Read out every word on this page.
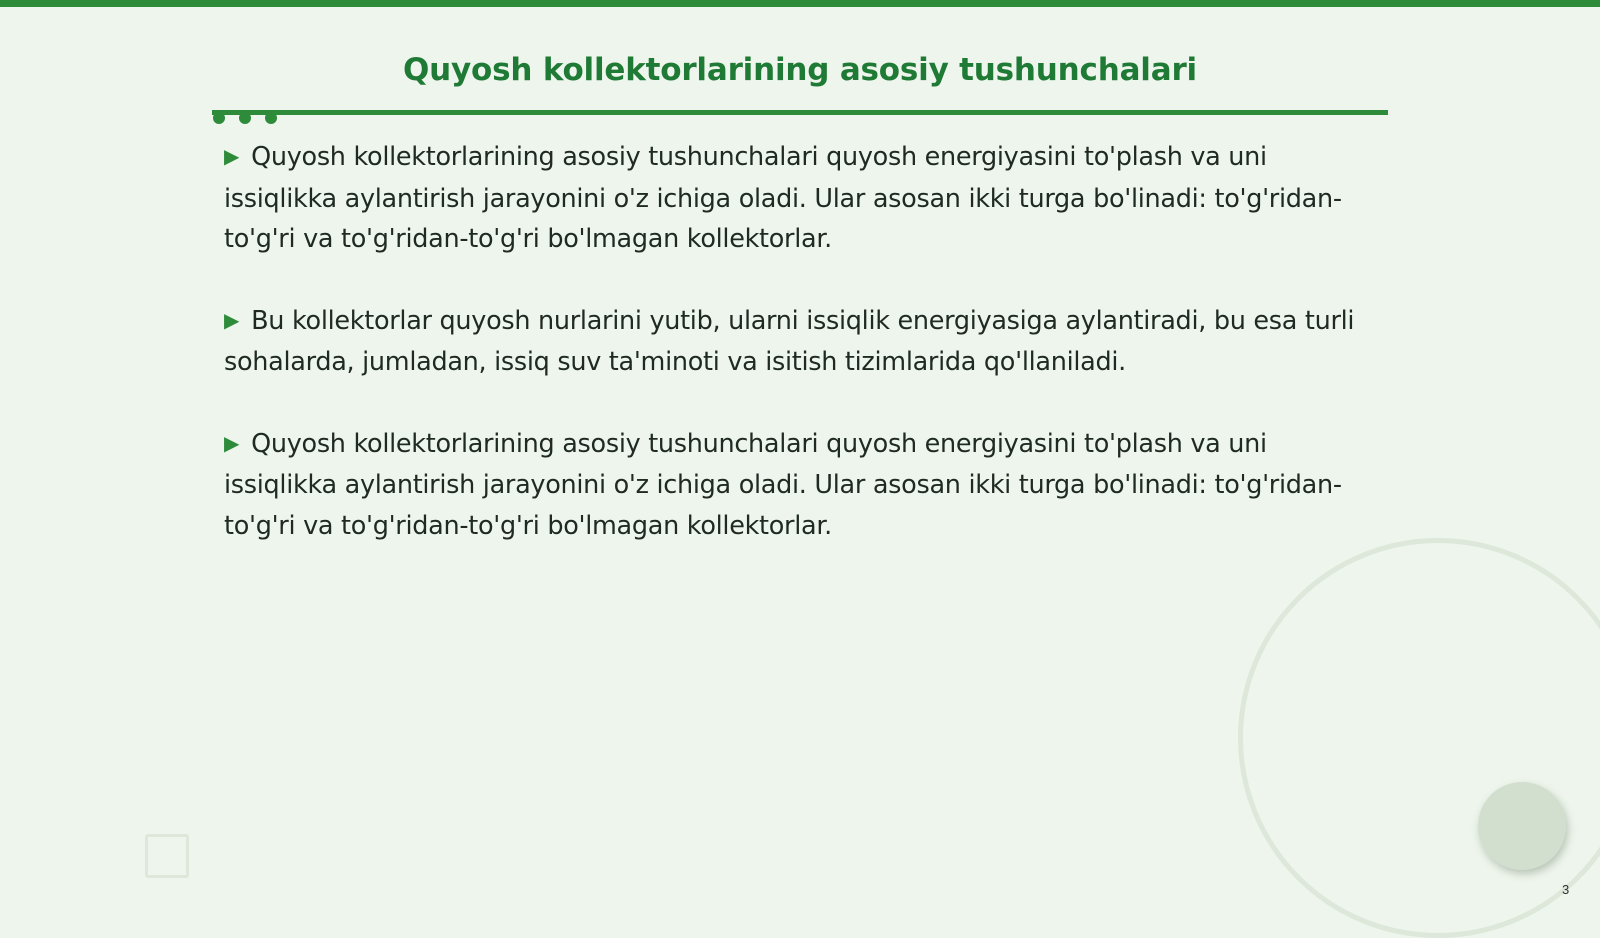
Quyosh kollektorlarining asosiy tushunchalari
▶ Quyosh kollektorlarining asosiy tushunchalari quyosh energiyasini to'plash va uni issiqlikka aylantirish jarayonini o'z ichiga oladi. Ular asosan ikki turga bo'linadi: to'g'ridan-to'g'ri va to'g'ridan-to'g'ri bo'lmagan kollektorlar.
▶ Bu kollektorlar quyosh nurlarini yutib, ularni issiqlik energiyasiga aylantiradi, bu esa turli sohalarda, jumladan, issiq suv ta'minoti va isitish tizimlarida qo'llaniladi.
▶ Quyosh kollektorlarining asosiy tushunchalari quyosh energiyasini to'plash va uni issiqlikka aylantirish jarayonini o'z ichiga oladi. Ular asosan ikki turga bo'linadi: to'g'ridan-to'g'ri va to'g'ridan-to'g'ri bo'lmagan kollektorlar.
3
